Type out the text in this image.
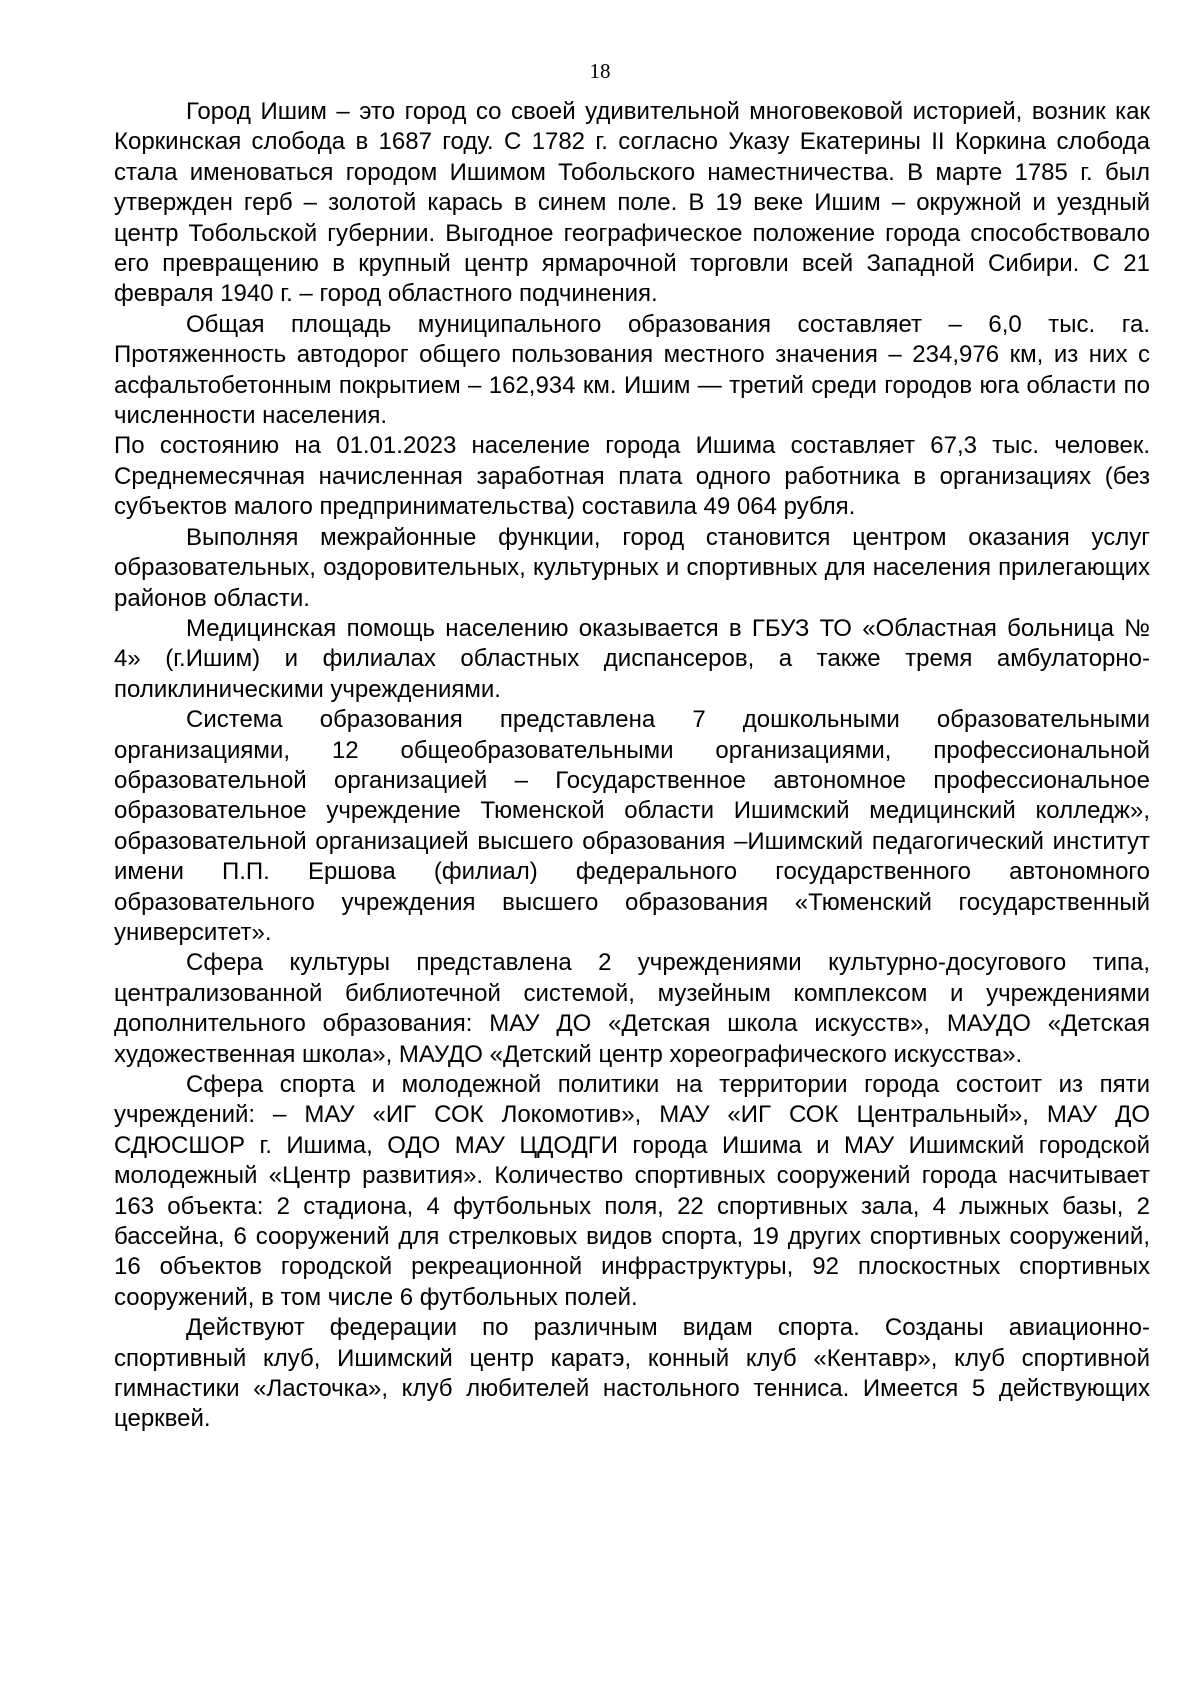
18

Город Ишим – это город со своей удивительной многовековой историей, возник как Коркинская слобода в 1687 году. С 1782 г. согласно Указу Екатерины II Коркина слобода стала именоваться городом Ишимом Тобольского наместничества. В марте 1785 г. был утвержден герб – золотой карась в синем поле. В 19 веке Ишим – окружной и уездный центр Тобольской губернии. Выгодное географическое положение города способствовало его превращению в крупный центр ярмарочной торговли всей Западной Сибири. С 21 февраля 1940 г. – город областного подчинения.

Общая площадь муниципального образования составляет – 6,0 тыс. га. Протяженность автодорог общего пользования местного значения – 234,976 км, из них с асфальтобетонным покрытием – 162,934 км. Ишим — третий среди городов юга области по численности населения.

По состоянию на 01.01.2023 население города Ишима составляет 67,3 тыс. человек. Среднемесячная начисленная заработная плата одного работника в организациях (без субъектов малого предпринимательства) составила 49 064 рубля.

Выполняя межрайонные функции, город становится центром оказания услуг образовательных, оздоровительных, культурных и спортивных для населения прилегающих районов области.

Медицинская помощь населению оказывается в ГБУЗ ТО «Областная больница № 4» (г.Ишим) и филиалах областных диспансеров, а также тремя амбулаторно-поликлиническими учреждениями.

Система образования представлена 7 дошкольными образовательными организациями, 12 общеобразовательными организациями, профессиональной образовательной организацией – Государственное автономное профессиональное образовательное учреждение Тюменской области Ишимский медицинский колледж», образовательной организацией высшего образования –Ишимский педагогический институт имени П.П. Ершова (филиал) федерального государственного автономного образовательного учреждения высшего образования «Тюменский государственный университет».

Сфера культуры представлена 2 учреждениями культурно-досугового типа, централизованной библиотечной системой, музейным комплексом и учреждениями дополнительного образования: МАУ ДО «Детская школа искусств», МАУДО «Детская художественная школа», МАУДО «Детский центр хореографического искусства».

Сфера спорта и молодежной политики на территории города состоит из пяти учреждений: – МАУ «ИГ СОК Локомотив», МАУ «ИГ СОК Центральный», МАУ ДО СДЮСШОР г. Ишима, ОДО МАУ ЦДОДГИ города Ишима и МАУ Ишимский городской молодежный «Центр развития». Количество спортивных сооружений города насчитывает 163 объекта: 2 стадиона, 4 футбольных поля, 22 спортивных зала, 4 лыжных базы, 2 бассейна, 6 сооружений для стрелковых видов спорта, 19 других спортивных сооружений, 16 объектов городской рекреационной инфраструктуры, 92 плоскостных спортивных сооружений, в том числе 6 футбольных полей.

Действуют федерации по различным видам спорта. Созданы авиационно-спортивный клуб, Ишимский центр каратэ, конный клуб «Кентавр», клуб спортивной гимнастики «Ласточка», клуб любителей настольного тенниса. Имеется 5 действующих церквей.
